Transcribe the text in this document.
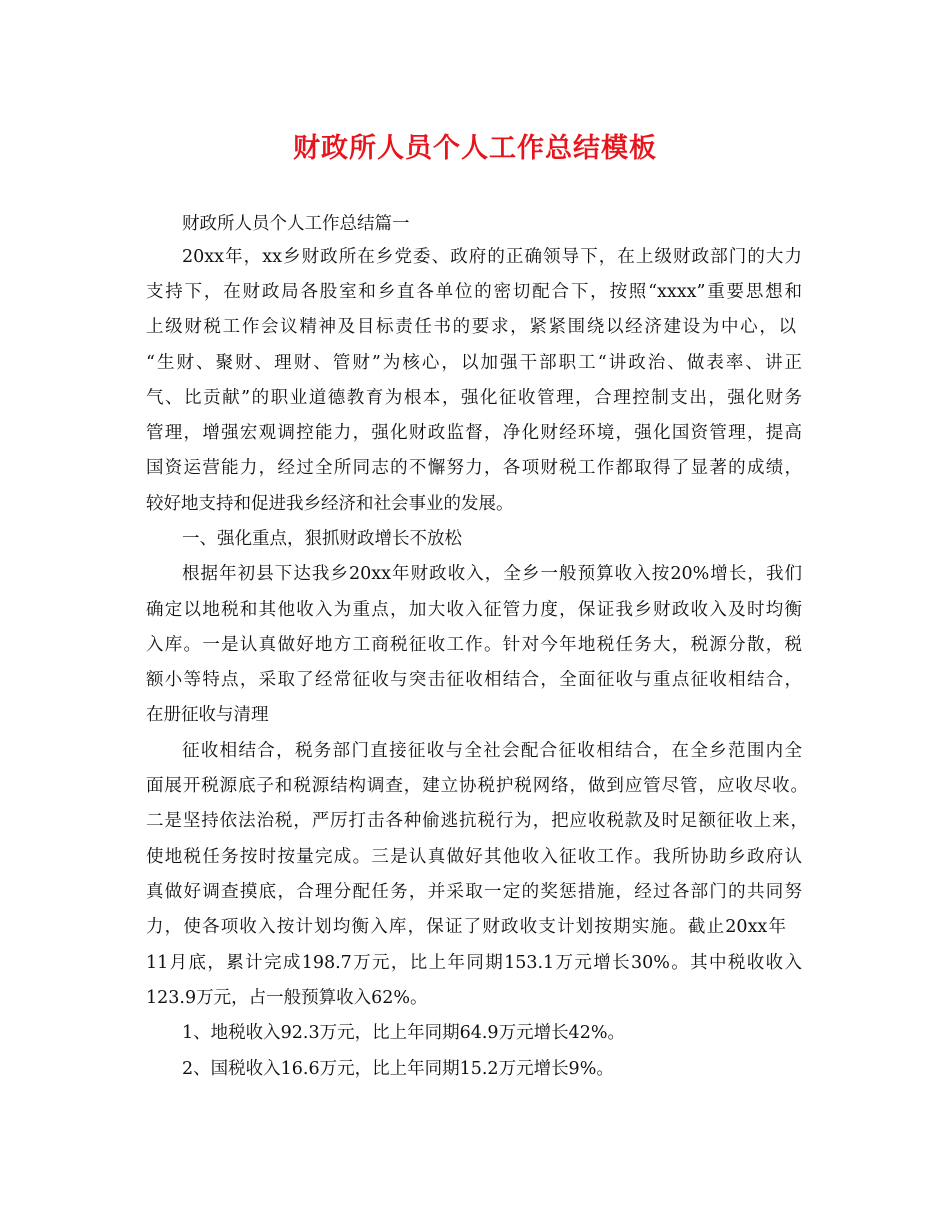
财政所人员个人工作总结模板
财政所人员个人工作总结篇一
20xx年，xx乡财政所在乡党委、政府的正确领导下，在上级财政部门的大力
支持下，在财政局各股室和乡直各单位的密切配合下，按照“xxxx”重要思想和
上级财税工作会议精神及目标责任书的要求，紧紧围绕以经济建设为中心，以
“生财、聚财、理财、管财”为核心，以加强干部职工“讲政治、做表率、讲正
气、比贡献”的职业道德教育为根本，强化征收管理，合理控制支出，强化财务
管理，增强宏观调控能力，强化财政监督，净化财经环境，强化国资管理，提高
国资运营能力，经过全所同志的不懈努力，各项财税工作都取得了显著的成绩，
较好地支持和促进我乡经济和社会事业的发展。
一、强化重点，狠抓财政增长不放松
根据年初县下达我乡20xx年财政收入，全乡一般预算收入按20%增长，我们
确定以地税和其他收入为重点，加大收入征管力度，保证我乡财政收入及时均衡
入库。一是认真做好地方工商税征收工作。针对今年地税任务大，税源分散，税
额小等特点，采取了经常征收与突击征收相结合，全面征收与重点征收相结合，
在册征收与清理
征收相结合，税务部门直接征收与全社会配合征收相结合，在全乡范围内全
面展开税源底子和税源结构调查，建立协税护税网络，做到应管尽管，应收尽收。
二是坚持依法治税，严厉打击各种偷逃抗税行为，把应收税款及时足额征收上来，
使地税任务按时按量完成。三是认真做好其他收入征收工作。我所协助乡政府认
真做好调查摸底，合理分配任务，并采取一定的奖惩措施，经过各部门的共同努
力，使各项收入按计划均衡入库，保证了财政收支计划按期实施。截止20xx年
11月底，累计完成198.7万元，比上年同期153.1万元增长30%。其中税收收入
123.9万元，占一般预算收入62%。
1、地税收入92.3万元，比上年同期64.9万元增长42%。
2、国税收入16.6万元，比上年同期15.2万元增长9%。
